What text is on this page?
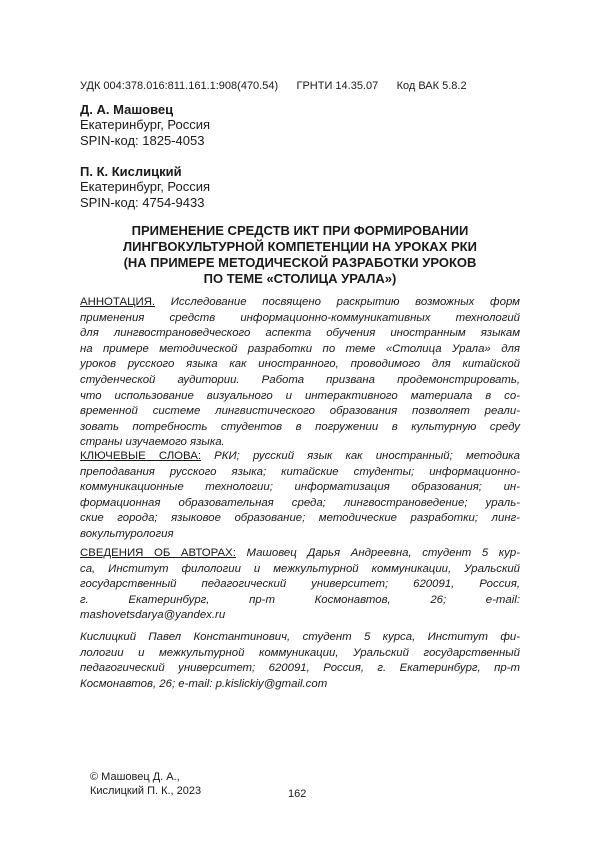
УДК 004:378.016:811.161.1:908(470.54) ГРНТИ 14.35.07 Код ВАК 5.8.2
Д. А. Машовец
Екатеринбург, Россия
SPIN-код: 1825-4053
П. К. Кислицкий
Екатеринбург, Россия
SPIN-код: 4754-9433
ПРИМЕНЕНИЕ СРЕДСТВ ИКТ ПРИ ФОРМИРОВАНИИ
ЛИНГВОКУЛЬТУРНОЙ КОМПЕТЕНЦИИ НА УРОКАХ РКИ
(НА ПРИМЕРЕ МЕТОДИЧЕСКОЙ РАЗРАБОТКИ УРОКОВ
ПО ТЕМЕ «СТОЛИЦА УРАЛА»)
АННОТАЦИЯ. Исследование посвящено раскрытию возможных форм
применения средств информационно-коммуникативных технологий
для лингвострановедческого аспекта обучения иностранным языкам
на примере методической разработки по теме «Столица Урала» для
уроков русского языка как иностранного, проводимого для китайской
студенческой аудитории. Работа призвана продемонстрировать,
что использование визуального и интерактивного материала в со-
временной системе лингвистического образования позволяет реали-
зовать потребность студентов в погружении в культурную среду
страны изучаемого языка.
КЛЮЧЕВЫЕ СЛОВА: РКИ; русский язык как иностранный; методика
преподавания русского языка; китайские студенты; информационно-
коммуникационные технологии; информатизация образования; ин-
формационная образовательная среда; лингвострановедение; ураль-
ские города; языковое образование; методические разработки; линг-
вокультурология
СВЕДЕНИЯ ОБ АВТОРАХ: Машовец Дарья Андреевна, студент 5 кур-
са, Институт филологии и межкультурной коммуникации, Уральский
государственный педагогический университет; 620091, Россия,
г. Екатеринбург, пр-т Космонавтов, 26; e-mail:
mashovetsdarya@yandex.ru
Кислицкий Павел Константинович, студент 5 курса, Институт фи-
лологии и межкультурной коммуникации, Уральский государственный
педагогический университет; 620091, Россия, г. Екатеринбург, пр-т
Космонавтов, 26; e-mail: p.kislickiy@gmail.com
© Машовец Д. А.,
Кислицкий П. К., 2023	162
